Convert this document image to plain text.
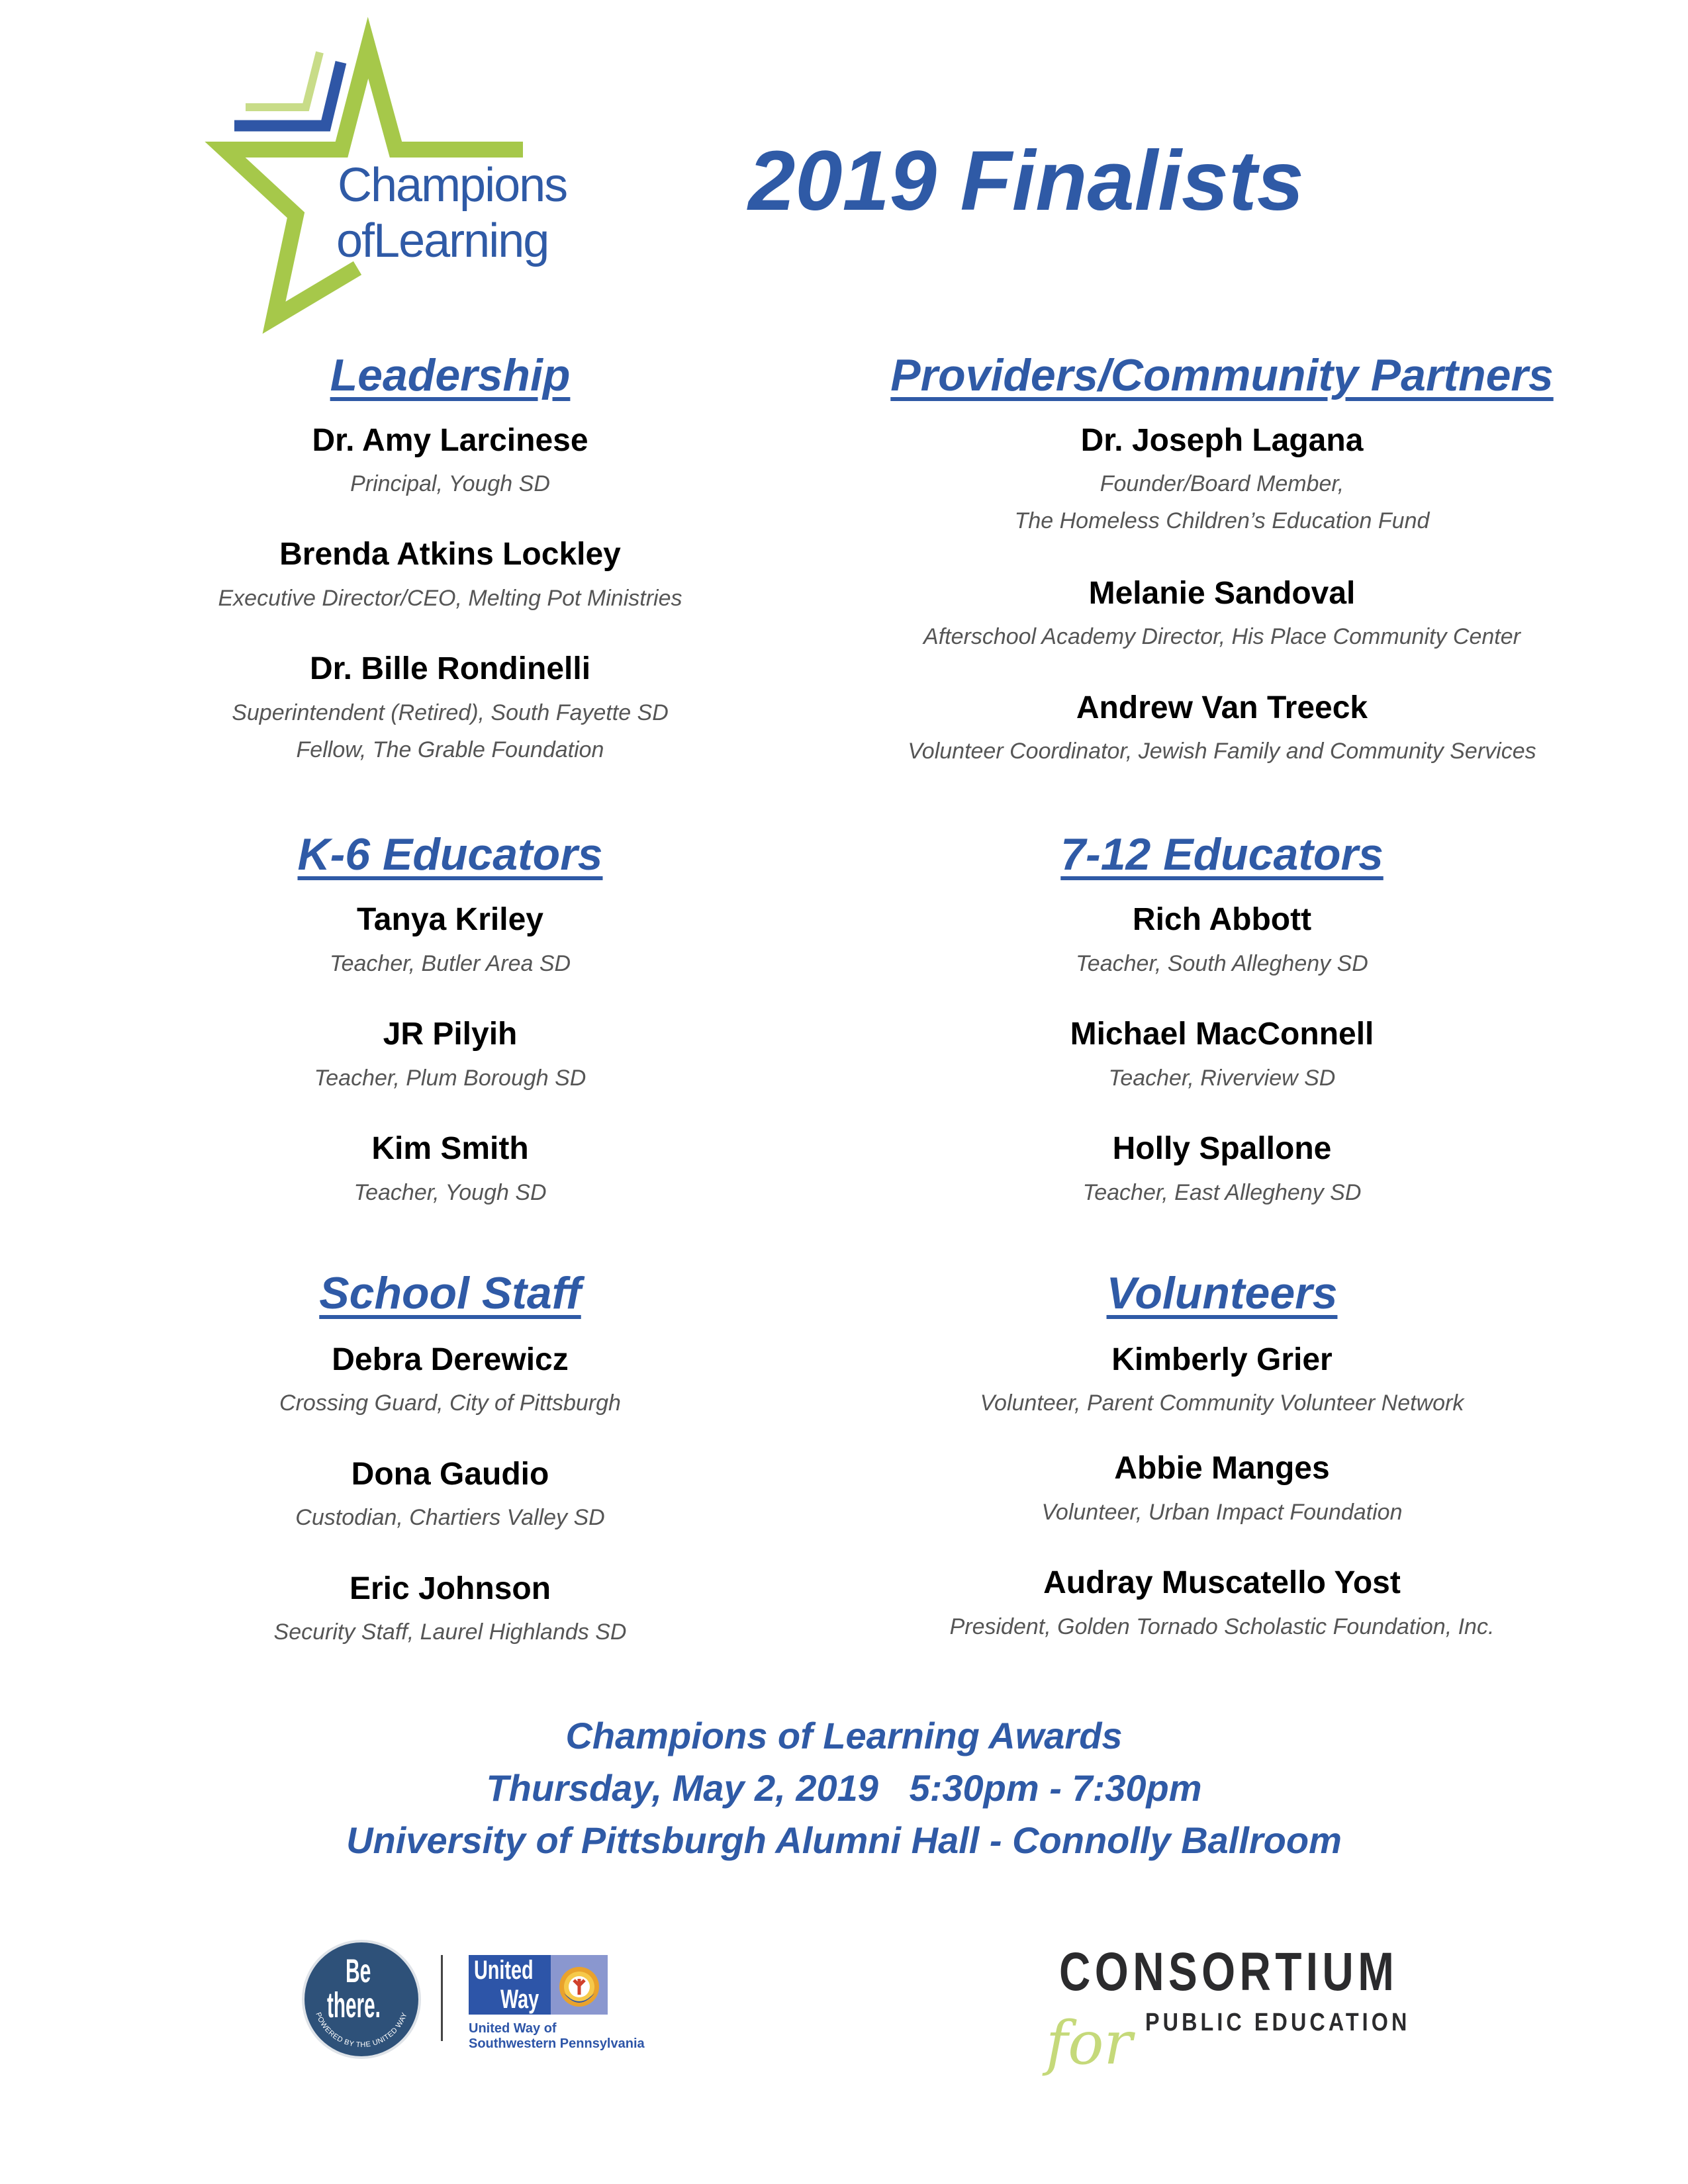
Champions
ofLearning
2019 Finalists
Leadership
Dr. Amy Larcinese
Principal, Yough SD
Brenda Atkins Lockley
Executive Director/CEO, Melting Pot Ministries
Dr. Bille Rondinelli
Superintendent (Retired), South Fayette SD
Fellow, The Grable Foundation
K-6 Educators
Tanya Kriley
Teacher, Butler Area SD
JR Pilyih
Teacher, Plum Borough SD
Kim Smith
Teacher, Yough SD
School Staff
Debra Derewicz
Crossing Guard, City of Pittsburgh
Dona Gaudio
Custodian, Chartiers Valley SD
Eric Johnson
Security Staff, Laurel Highlands SD
Providers/Community Partners
Dr. Joseph Lagana
Founder/Board Member,
The Homeless Children’s Education Fund
Melanie Sandoval
Afterschool Academy Director, His Place Community Center
Andrew Van Treeck
Volunteer Coordinator, Jewish Family and Community Services
7-12 Educators
Rich Abbott
Teacher, South Allegheny SD
Michael MacConnell
Teacher, Riverview SD
Holly Spallone
Teacher, East Allegheny SD
Volunteers
Kimberly Grier
Volunteer, Parent Community Volunteer Network
Abbie Manges
Volunteer, Urban Impact Foundation
Audray Muscatello Yost
President, Golden Tornado Scholastic Foundation, Inc.
Champions of Learning Awards
Thursday, May 2, 2019   5:30pm - 7:30pm
University of Pittsburgh Alumni Hall - Connolly Ballroom
Be
there.
POWERED BY THE UNITED WAY
United
Way
United Way of
Southwestern Pennsylvania	for
CONSORTIUM
PUBLIC EDUCATION
